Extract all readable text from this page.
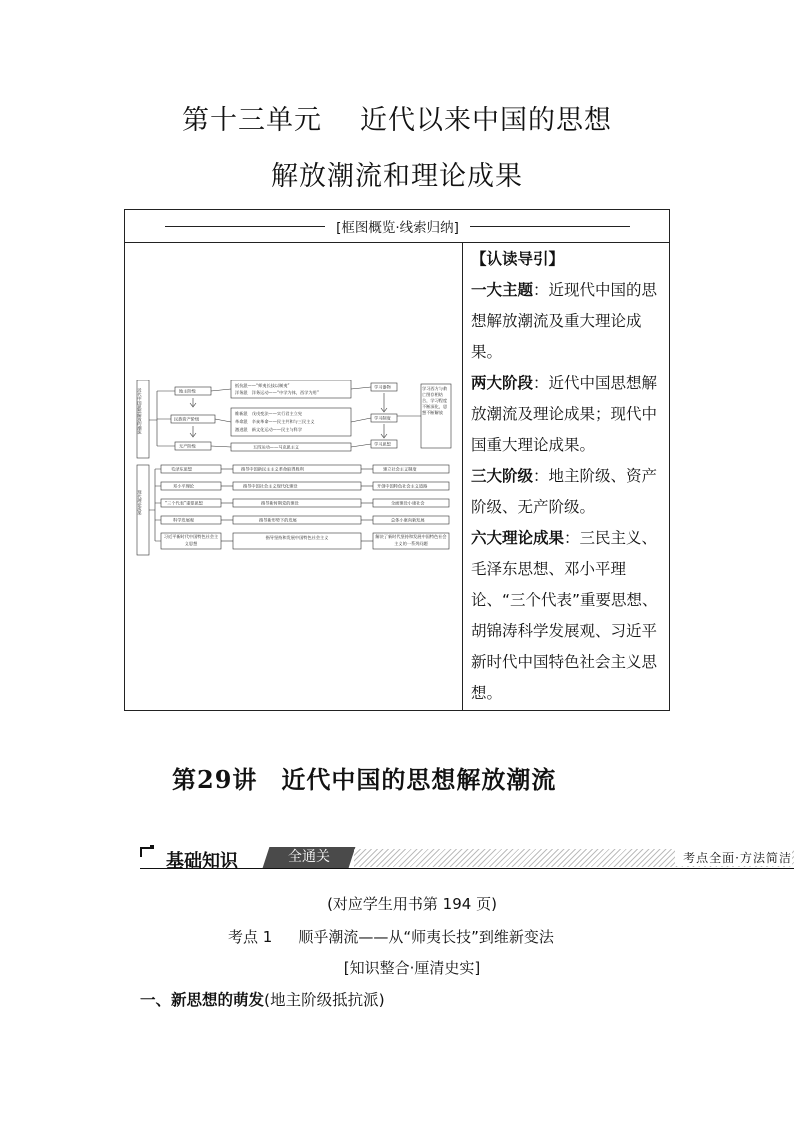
第十三单元 近代以来中国的思想
解放潮流和理论成果
[框图概览·线索归纳]
近代中国思想解放的潮流
现代理论成果
地主阶级
民族资产阶级
无产阶级
抵抗派——“师夷长技以制夷”
洋务派　洋务运动——“中学为体，西学为用”
维新派　戊戌变法——实行君主立宪
革命派　辛亥革命——民主共和与三民主义
激进派　新文化运动——民主与科学
五四运动——马克思主义
学习器物
学习制度
学习思想
学习西方与救亡图存相结合，学习程度不断深化，思想不断解放
毛泽东思想	指导中国新民主主义革命取得胜利	建立社会主义制度
邓小平理论	指导中国社会主义现代化建设	开创中国特色社会主义道路
“三个代表”重要思想	指导新时期党的建设	全面建设小康社会
科学发展观	指导新形势下的发展	总体小康向新发展
习近平新时代中国特色社会主义思想
指导坚持和发展中国特色社会主义	解决了新时代坚持和发展中国特色社会主义的一系列问题
【认读导引】
一大主题：近现代中国的思想解放潮流及重大理论成果。
两大阶段：近代中国思想解放潮流及理论成果；现代中国重大理论成果。
三大阶级：地主阶级、资产阶级、无产阶级。
六大理论成果：三民主义、毛泽东思想、邓小平理论、“三个代表”重要思想、胡锦涛科学发展观、习近平新时代中国特色社会主义思想。
第29讲 近代中国的思想解放潮流
基础知识	全通关	考点全面·方法简洁
(对应学生用书第 194 页)
考点 1 顺乎潮流——从“师夷长技”到维新变法
[知识整合·厘清史实]
一、新思想的萌发(地主阶级抵抗派)
